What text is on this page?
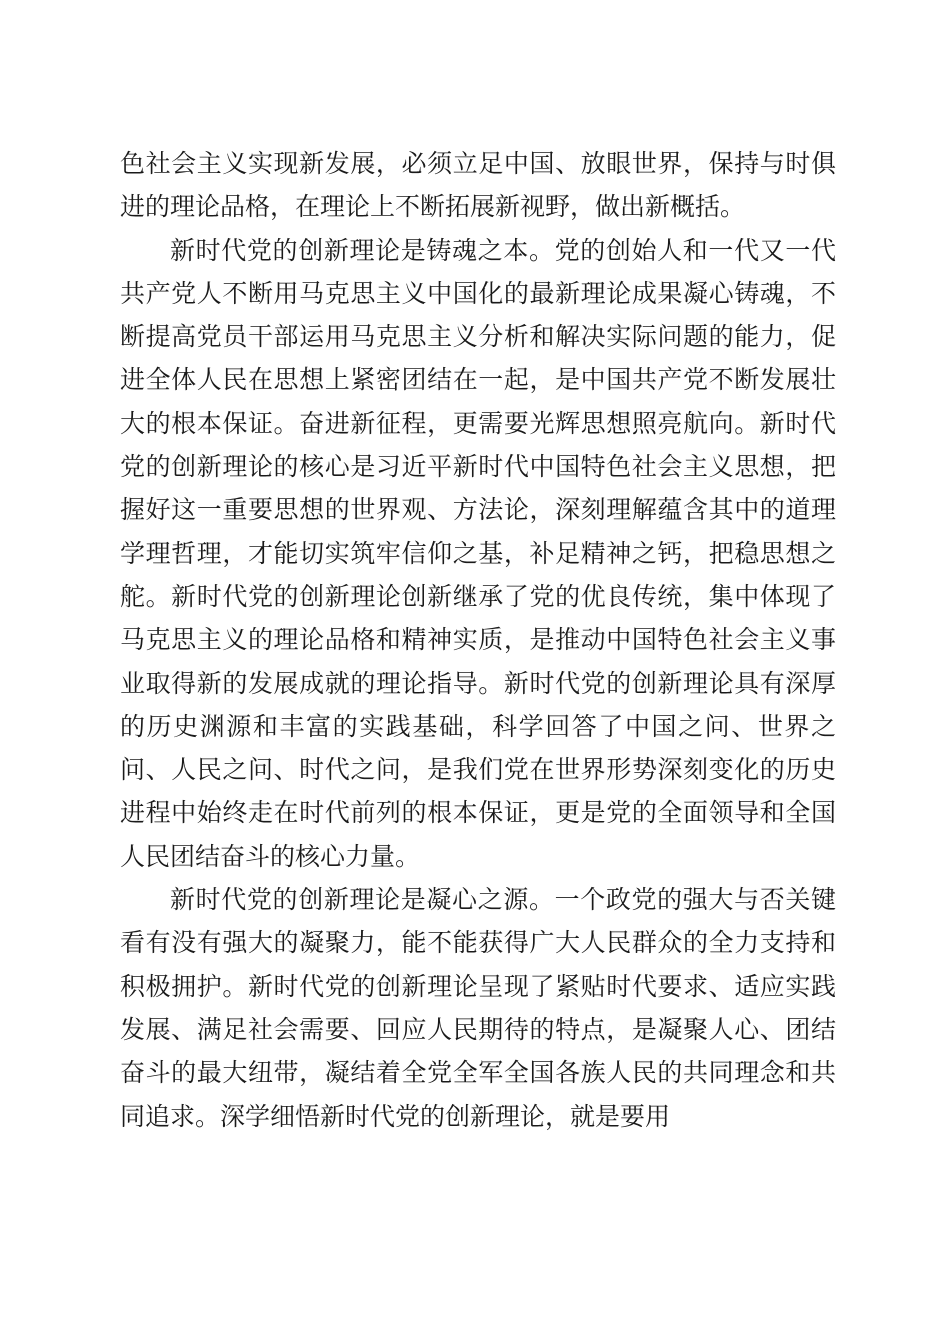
色社会主义实现新发展，必须立足中国、放眼世界，保持与时俱进的理论品格，在理论上不断拓展新视野，做出新概括。

新时代党的创新理论是铸魂之本。党的创始人和一代又一代共产党人不断用马克思主义中国化的最新理论成果凝心铸魂，不断提高党员干部运用马克思主义分析和解决实际问题的能力，促进全体人民在思想上紧密团结在一起，是中国共产党不断发展壮大的根本保证。奋进新征程，更需要光辉思想照亮航向。新时代党的创新理论的核心是习近平新时代中国特色社会主义思想，把握好这一重要思想的世界观、方法论，深刻理解蕴含其中的道理学理哲理，才能切实筑牢信仰之基，补足精神之钙，把稳思想之舵。新时代党的创新理论创新继承了党的优良传统，集中体现了马克思主义的理论品格和精神实质，是推动中国特色社会主义事业取得新的发展成就的理论指导。新时代党的创新理论具有深厚的历史渊源和丰富的实践基础，科学回答了中国之问、世界之问、人民之问、时代之问，是我们党在世界形势深刻变化的历史进程中始终走在时代前列的根本保证，更是党的全面领导和全国人民团结奋斗的核心力量。

新时代党的创新理论是凝心之源。一个政党的强大与否关键看有没有强大的凝聚力，能不能获得广大人民群众的全力支持和积极拥护。新时代党的创新理论呈现了紧贴时代要求、适应实践发展、满足社会需要、回应人民期待的特点，是凝聚人心、团结奋斗的最大纽带，凝结着全党全军全国各族人民的共同理念和共同追求。深学细悟新时代党的创新理论，就是要用
